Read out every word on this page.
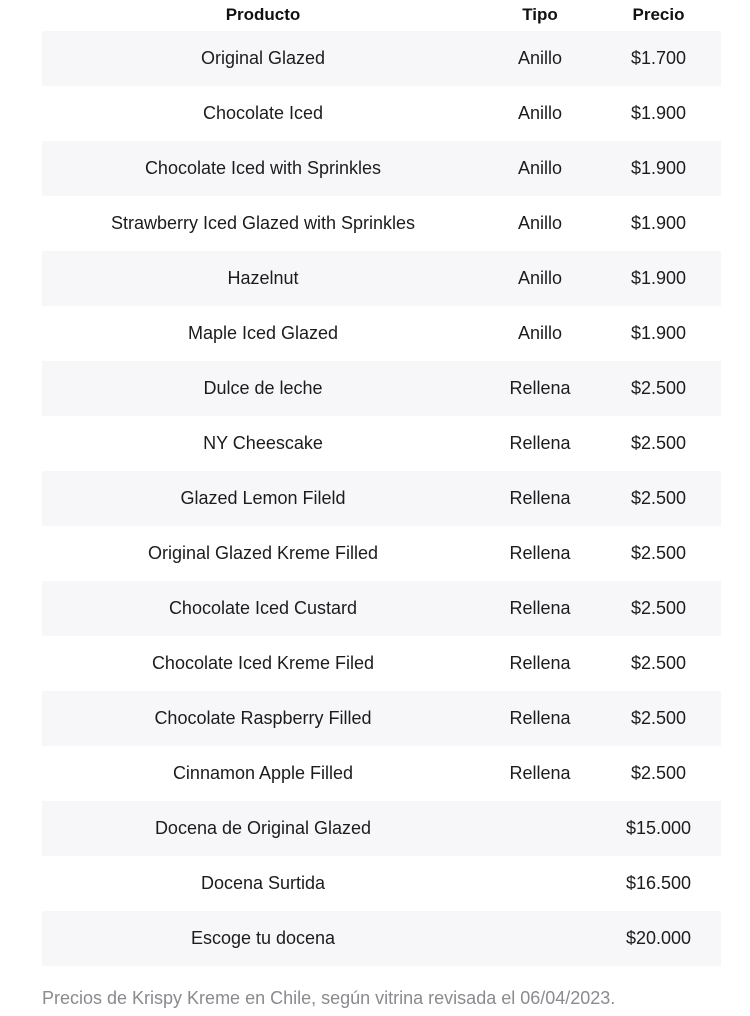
Producto	Tipo	Precio
Original Glazed	Anillo	$1.700
Chocolate Iced	Anillo	$1.900
Chocolate Iced with Sprinkles	Anillo	$1.900
Strawberry Iced Glazed with Sprinkles	Anillo	$1.900
Hazelnut	Anillo	$1.900
Maple Iced Glazed	Anillo	$1.900
Dulce de leche	Rellena	$2.500
NY Cheescake	Rellena	$2.500
Glazed Lemon Fileld	Rellena	$2.500
Original Glazed Kreme Filled	Rellena	$2.500
Chocolate Iced Custard	Rellena	$2.500
Chocolate Iced Kreme Filed	Rellena	$2.500
Chocolate Raspberry Filled	Rellena	$2.500
Cinnamon Apple Filled	Rellena	$2.500
Docena de Original Glazed		$15.000
Docena Surtida		$16.500
Escoge tu docena		$20.000
Precios de Krispy Kreme en Chile, según vitrina revisada el 06/04/2023.
